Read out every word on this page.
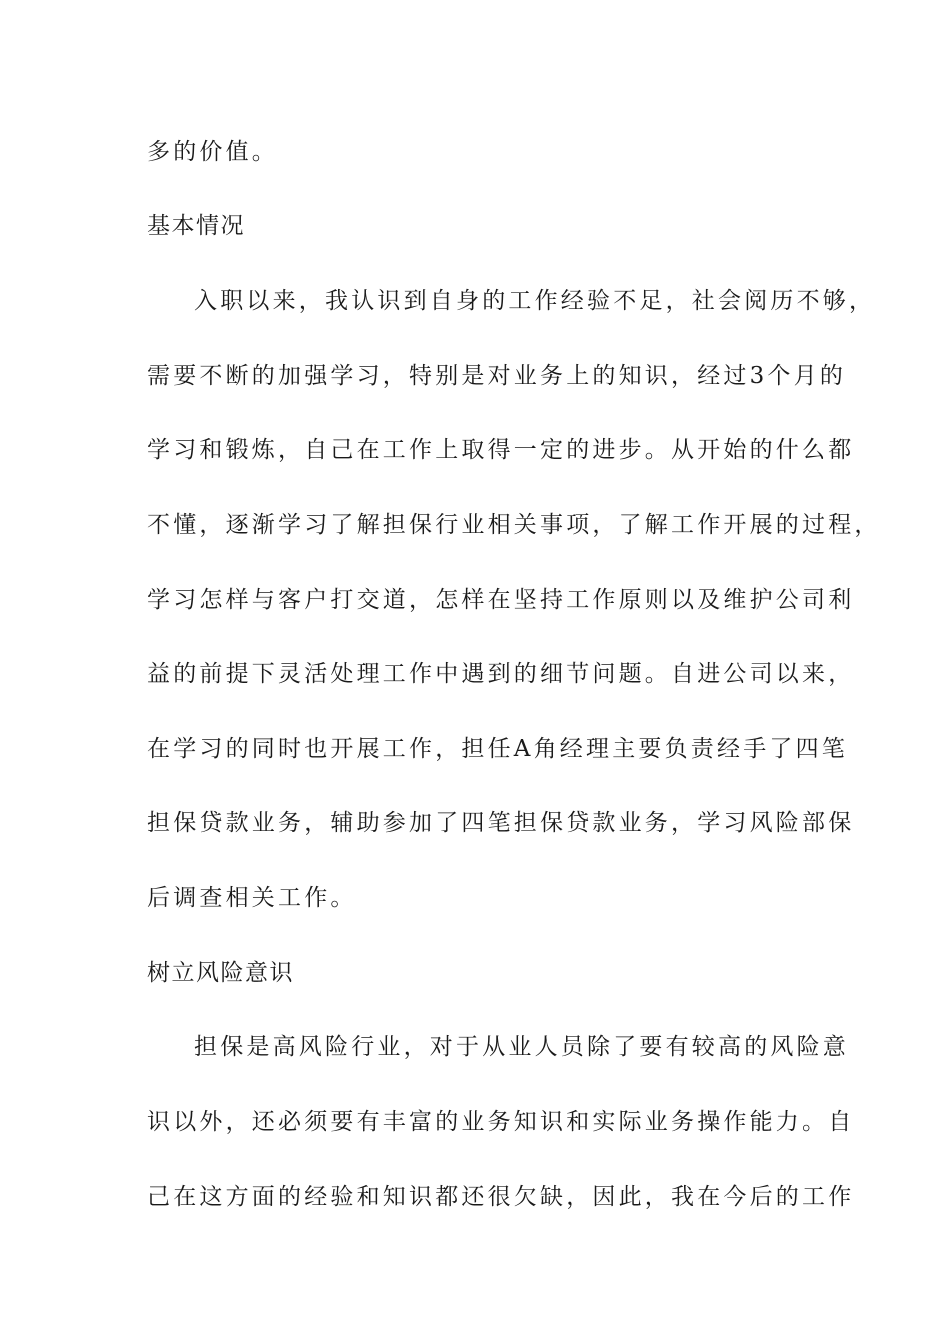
多的价值。
基本情况
入职以来，我认识到自身的工作经验不足，社会阅历不够，
需要不断的加强学习，特别是对业务上的知识，经过3个月的
学习和锻炼，自己在工作上取得一定的进步。从开始的什么都
不懂，逐渐学习了解担保行业相关事项，了解工作开展的过程，
学习怎样与客户打交道，怎样在坚持工作原则以及维护公司利
益的前提下灵活处理工作中遇到的细节问题。自进公司以来，
在学习的同时也开展工作，担任A角经理主要负责经手了四笔
担保贷款业务，辅助参加了四笔担保贷款业务，学习风险部保
后调查相关工作。
树立风险意识
担保是高风险行业，对于从业人员除了要有较高的风险意
识以外，还必须要有丰富的业务知识和实际业务操作能力。自
己在这方面的经验和知识都还很欠缺，因此，我在今后的工作
